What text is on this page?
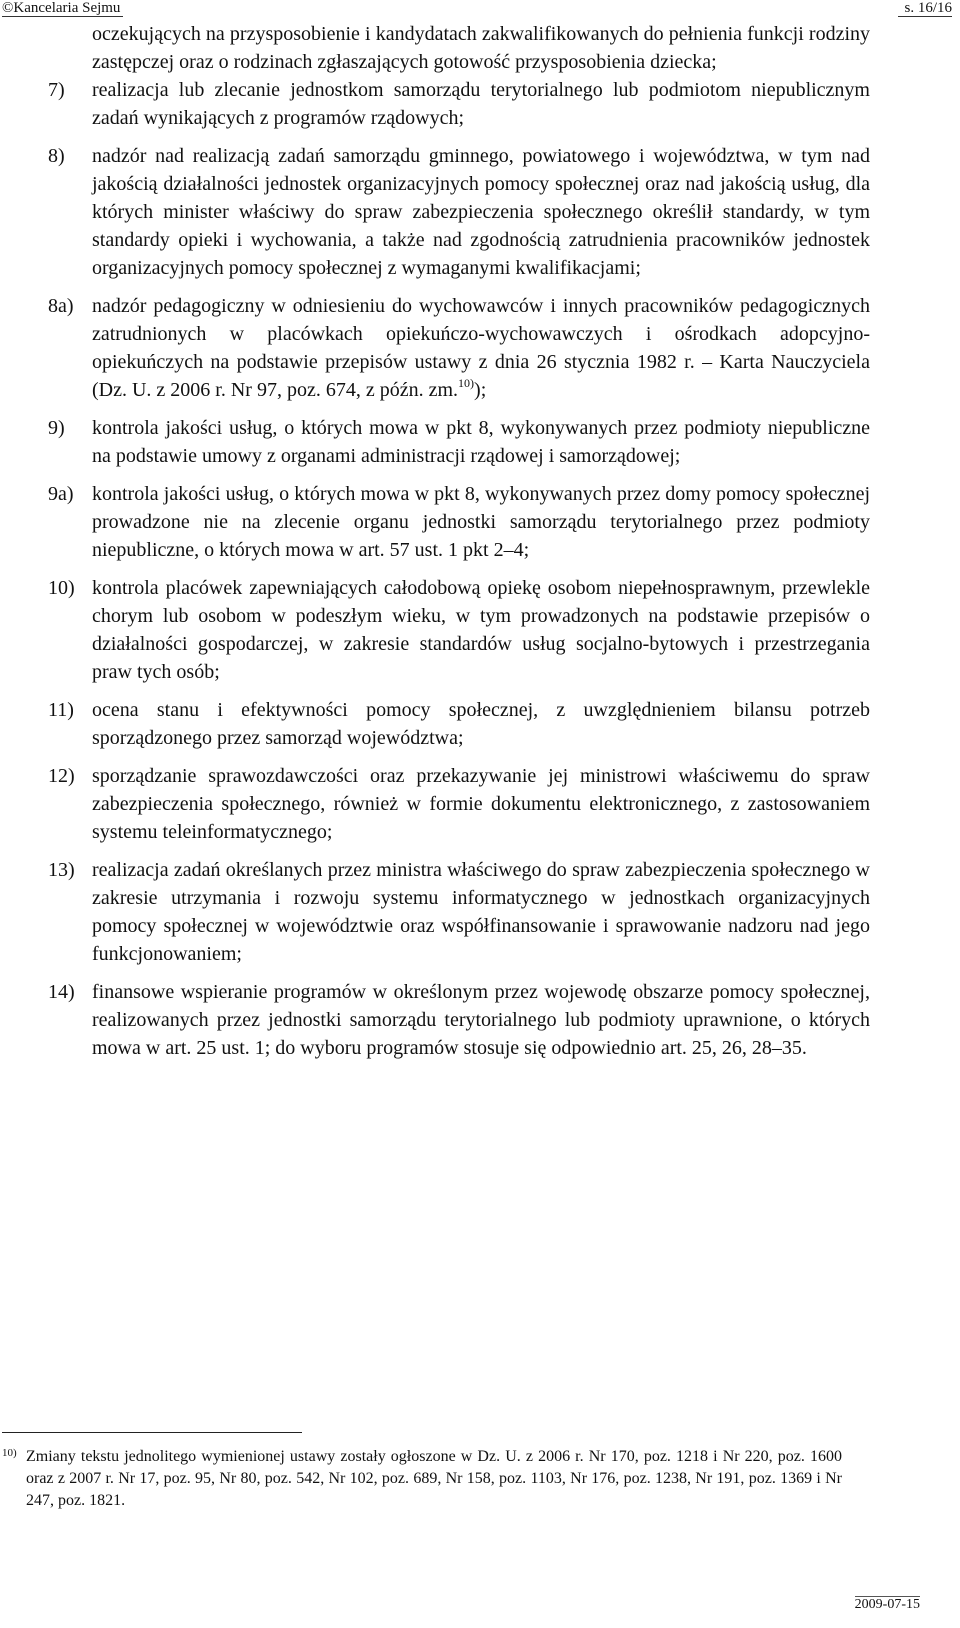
©Kancelaria Sejmu	s. 16/16
oczekujących na przysposobienie i kandydatach zakwalifikowanych do pełnienia funkcji rodziny zastępczej oraz o rodzinach zgłaszających gotowość przysposobienia dziecka;
7) realizacja lub zlecanie jednostkom samorządu terytorialnego lub podmiotom niepublicznym zadań wynikających z programów rządowych;
8) nadzór nad realizacją zadań samorządu gminnego, powiatowego i województwa, w tym nad jakością działalności jednostek organizacyjnych pomocy społecznej oraz nad jakością usług, dla których minister właściwy do spraw zabezpieczenia społecznego określił standardy, w tym standardy opieki i wychowania, a także nad zgodnością zatrudnienia pracowników jednostek organizacyjnych pomocy społecznej z wymaganymi kwalifikacjami;
8a) nadzór pedagogiczny w odniesieniu do wychowawców i innych pracowników pedagogicznych zatrudnionych w placówkach opiekuńczo-wychowawczych i ośrodkach adopcyjno-opiekuńczych na podstawie przepisów ustawy z dnia 26 stycznia 1982 r. – Karta Nauczyciela (Dz. U. z 2006 r. Nr 97, poz. 674, z późn. zm.$^{10)}$);
9) kontrola jakości usług, o których mowa w pkt 8, wykonywanych przez podmioty niepubliczne na podstawie umowy z organami administracji rządowej i samorządowej;
9a) kontrola jakości usług, o których mowa w pkt 8, wykonywanych przez domy pomocy społecznej prowadzone nie na zlecenie organu jednostki samorządu terytorialnego przez podmioty niepubliczne, o których mowa w art. 57 ust. 1 pkt 2–4;
10) kontrola placówek zapewniających całodobową opiekę osobom niepełnosprawnym, przewlekle chorym lub osobom w podeszłym wieku, w tym prowadzonych na podstawie przepisów o działalności gospodarczej, w zakresie standardów usług socjalno-bytowych i przestrzegania praw tych osób;
11) ocena stanu i efektywności pomocy społecznej, z uwzględnieniem bilansu potrzeb sporządzonego przez samorząd województwa;
12) sporządzanie sprawozdawczości oraz przekazywanie jej ministrowi właściwemu do spraw zabezpieczenia społecznego, również w formie dokumentu elektronicznego, z zastosowaniem systemu teleinformatycznego;
13) realizacja zadań określanych przez ministra właściwego do spraw zabezpieczenia społecznego w zakresie utrzymania i rozwoju systemu informatycznego w jednostkach organizacyjnych pomocy społecznej w województwie oraz współfinansowanie i sprawowanie nadzoru nad jego funkcjonowaniem;
14) finansowe wspieranie programów w określonym przez wojewodę obszarze pomocy społecznej, realizowanych przez jednostki samorządu terytorialnego lub podmioty uprawnione, o których mowa w art. 25 ust. 1; do wyboru programów stosuje się odpowiednio art. 25, 26, 28–35.
10) Zmiany tekstu jednolitego wymienionej ustawy zostały ogłoszone w Dz. U. z 2006 r. Nr 170, poz. 1218 i Nr 220, poz. 1600 oraz z 2007 r. Nr 17, poz. 95, Nr 80, poz. 542, Nr 102, poz. 689, Nr 158, poz. 1103, Nr 176, poz. 1238, Nr 191, poz. 1369 i Nr 247, poz. 1821.
2009-07-15
